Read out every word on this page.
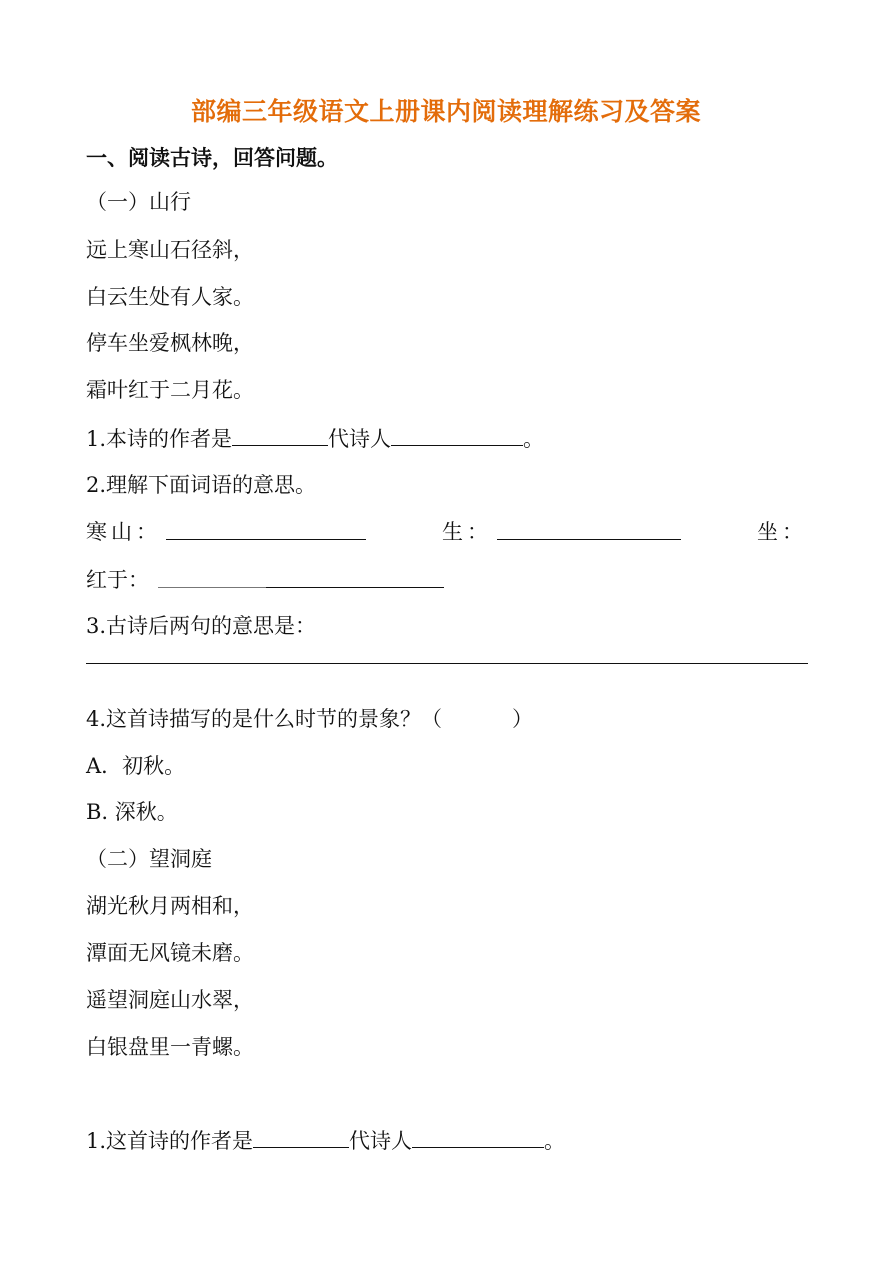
部编三年级语文上册课内阅读理解练习及答案
一、阅读古诗，回答问题。
（一）山行
远上寒山石径斜，
白云生处有人家。
停车坐爱枫林晚，
霜叶红于二月花。
1.本诗的作者是	代诗人	。
2.理解下面词语的意思。
寒山：	生：	坐：
红于：
3.古诗后两句的意思是：
4.这首诗描写的是什么时节的景象？（	）
A．初秋。
B. 深秋。
（二）望洞庭
湖光秋月两相和，
潭面无风镜未磨。
遥望洞庭山水翠，
白银盘里一青螺。
1.这首诗的作者是	代诗人	。
